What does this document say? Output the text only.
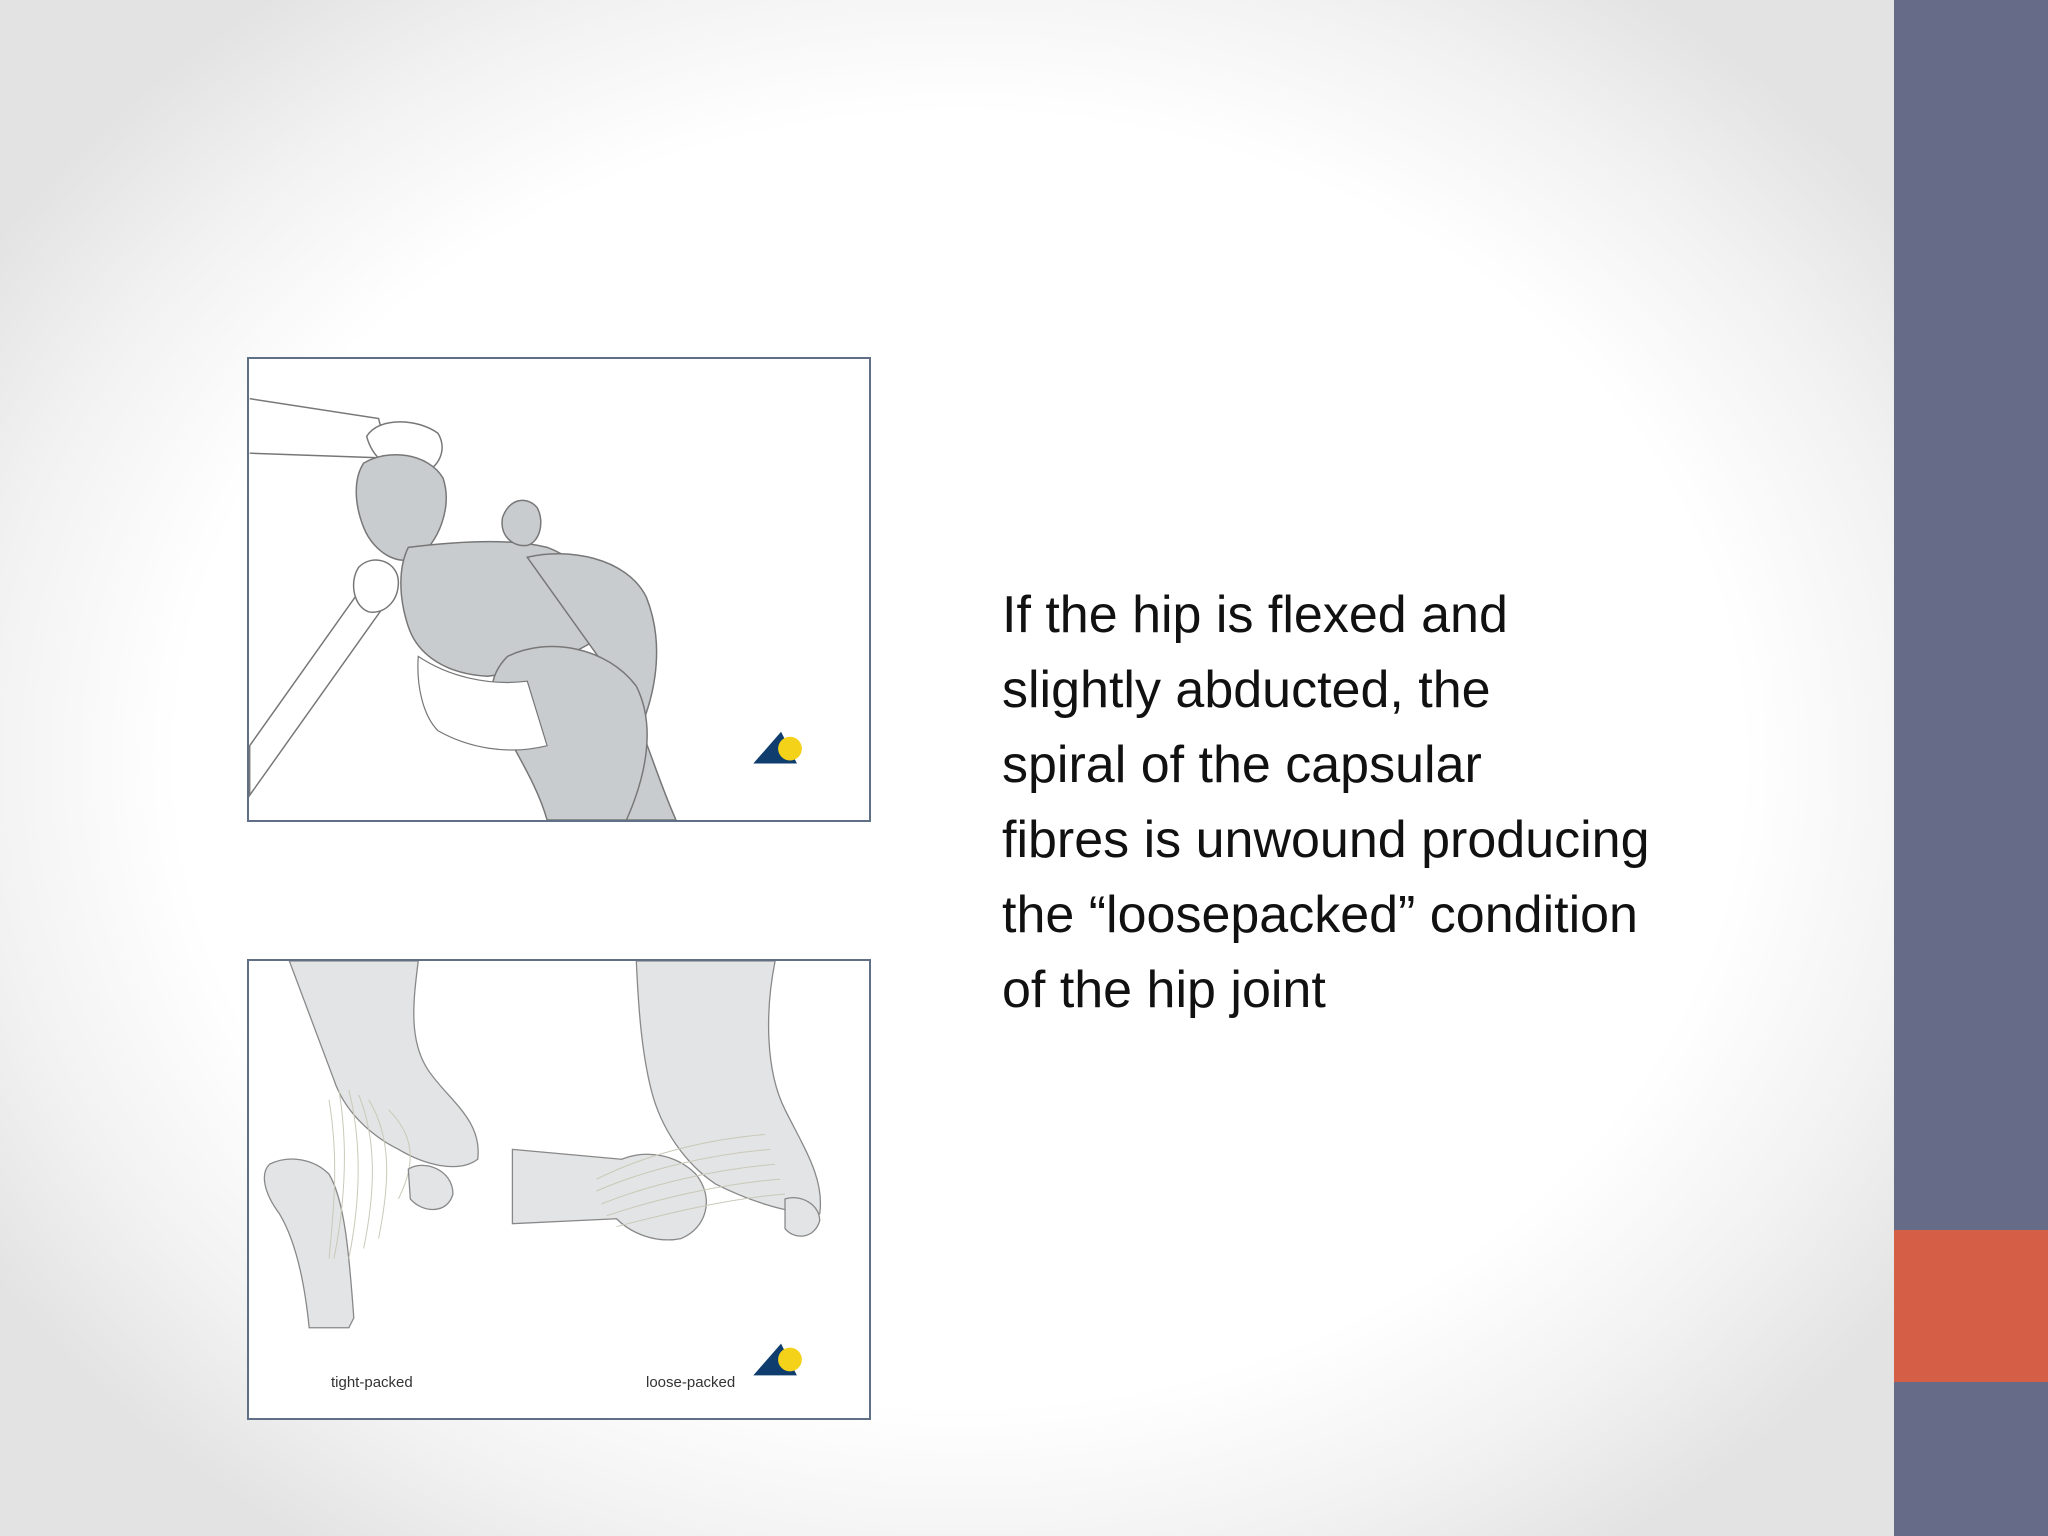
tight-packed	loose-packed

If the hip is flexed and
slightly abducted, the
spiral of the capsular
fibres is unwound producing
the “loosepacked” condition
of the hip joint
